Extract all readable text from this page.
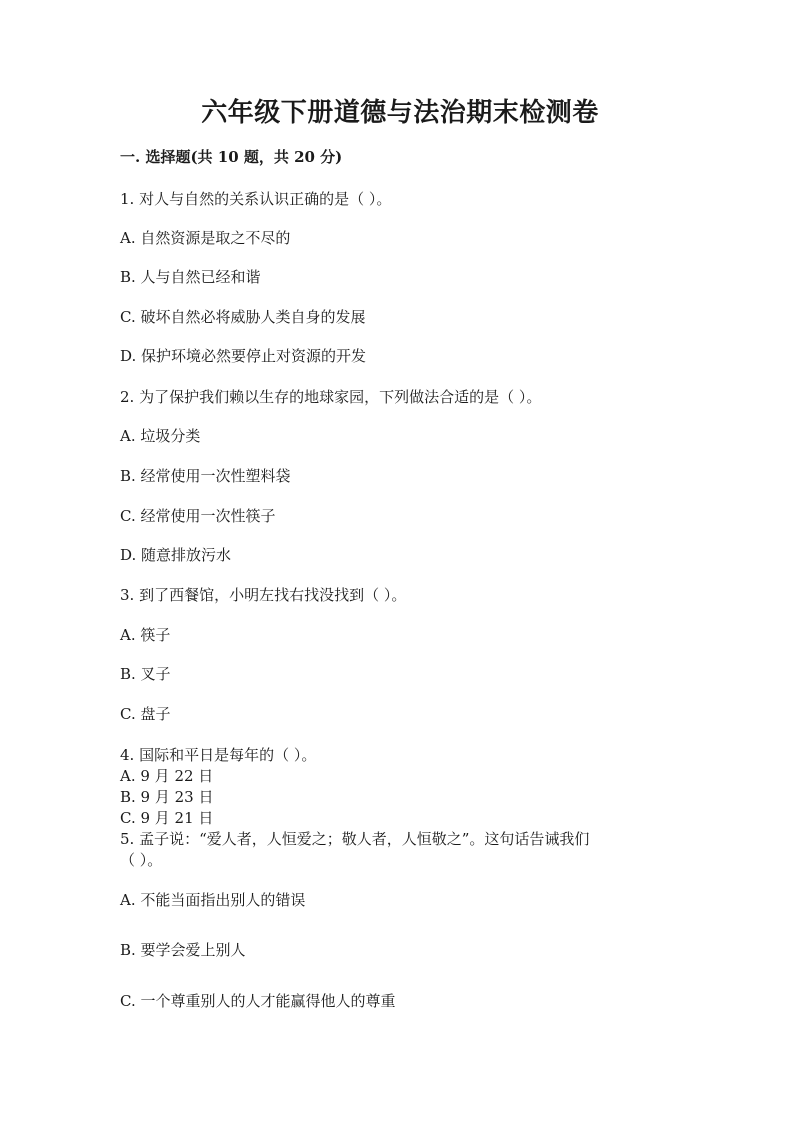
六年级下册道德与法治期末检测卷
一. 选择题(共 10 题，共 20 分)
1. 对人与自然的关系认识正确的是（ ）。
A. 自然资源是取之不尽的
B. 人与自然已经和谐
C. 破坏自然必将威胁人类自身的发展
D. 保护环境必然要停止对资源的开发
2. 为了保护我们赖以生存的地球家园，下列做法合适的是（ ）。
A. 垃圾分类
B. 经常使用一次性塑料袋
C. 经常使用一次性筷子
D. 随意排放污水
3. 到了西餐馆，小明左找右找没找到（ ）。
A. 筷子
B. 叉子
C. 盘子
4. 国际和平日是每年的（ ）。
A. 9 月 22 日
B. 9 月 23 日
C. 9 月 21 日
5. 孟子说：“爱人者，人恒爱之；敬人者，人恒敬之”。这句话告诫我们
（ ）。
A. 不能当面指出别人的错误
B. 要学会爱上别人
C. 一个尊重别人的人才能赢得他人的尊重
